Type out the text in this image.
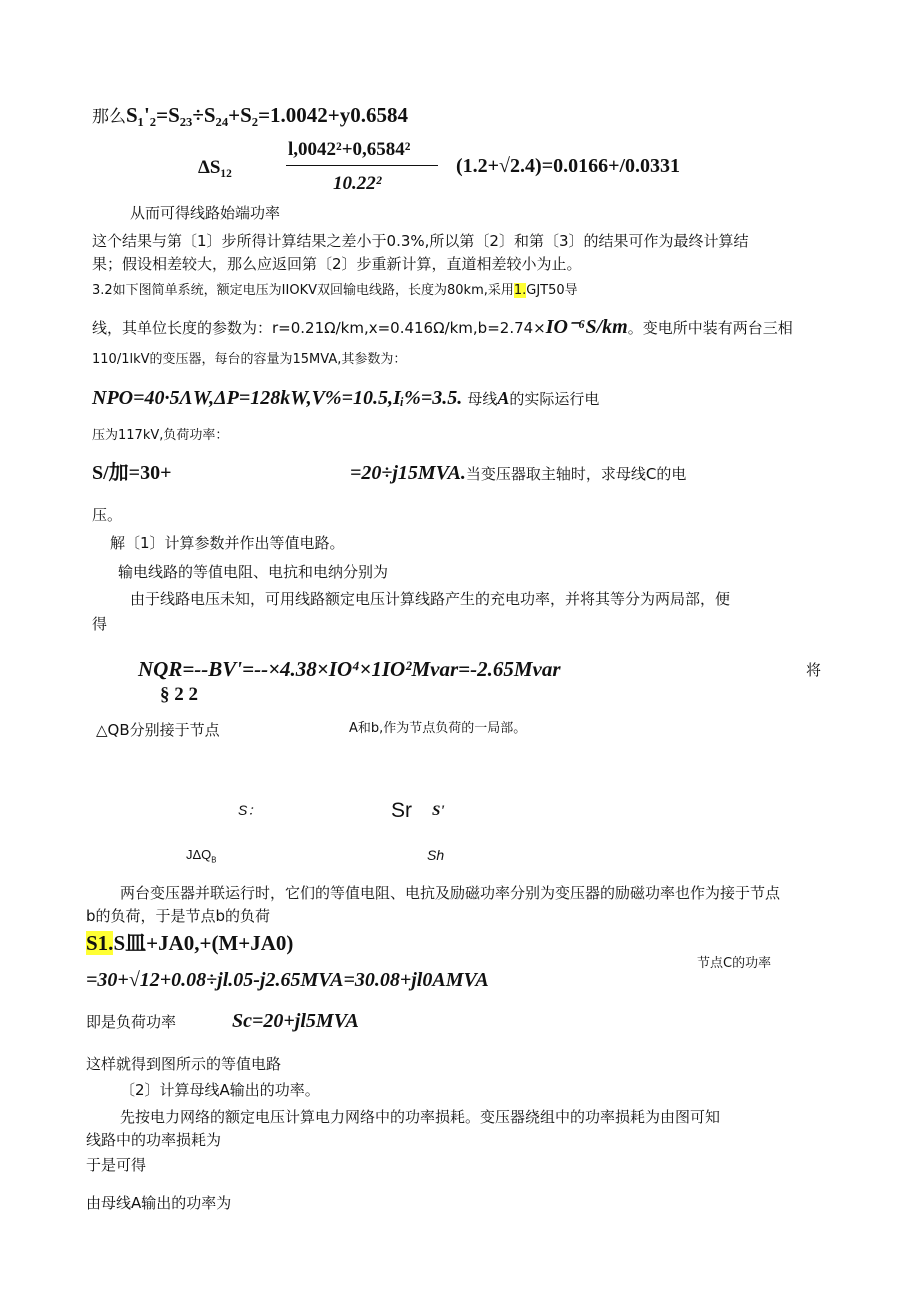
那么S₁'₂=S₂₃÷S₂₄+S₂=1.0042+y0.6584
ΔS₁₂
l,0042²+0,6584²
10.22²
(1.2+√2.4)=0.0166+/0.0331
从而可得线路始端功率
这个结果与第〔1〕步所得计算结果之差小于0.3%,所以第〔2〕和第〔3〕的结果可作为最终计算结
果；假设相差较大，那么应返回第〔2〕步重新计算，直道相差较小为止。
3.2如下图简单系统，额定电压为IIOKV双回输电线路，长度为80km,采用1.GJT50导
线，其单位长度的参数为：r=0.21Ω/km,x=0.416Ω/km,b=2.74×IO⁻⁶S/km。变电所中装有两台三相
110/1lkV的变压器，每台的容量为15MVA,其参数为：
NPO=40·5ΛW,ΔP=128kW,V%=10.5,Iᵢ%=3.5. 母线A的实际运行电
压为117kV,负荷功率：
S/加=30+	=20÷j15MVA.当变压器取主轴时，求母线C的电
压。
解〔1〕计算参数并作出等值电路。
输电线路的等值电阻、电抗和电纳分别为
由于线路电压未知，可用线路额定电压计算线路产生的充电功率，并将其等分为两局部，便
得
NQR=--BV'=--×4.38×IO⁴×1IO²Mvar=-2.65Mvar	将
§ 2 2
△QB分别接于节点	A和b,作为节点负荷的一局部。
S：	Sr S'
$J\Delta Q_B$	Sh
两台变压器并联运行时，它们的等值电阻、电抗及励磁功率分别为变压器的励磁功率也作为接于节点
b的负荷，于是节点b的负荷
S1.S皿+JA0,+(M+JA0)
=30+√12+0.08÷jl.05-j2.65MVA=30.08+jl0AMVA
节点C的功率
即是负荷功率	Sc=20+jl5MVA
这样就得到图所示的等值电路
〔2〕计算母线A输出的功率。
先按电力网络的额定电压计算电力网络中的功率损耗。变压器绕组中的功率损耗为由图可知
线路中的功率损耗为
于是可得
由母线A输出的功率为
